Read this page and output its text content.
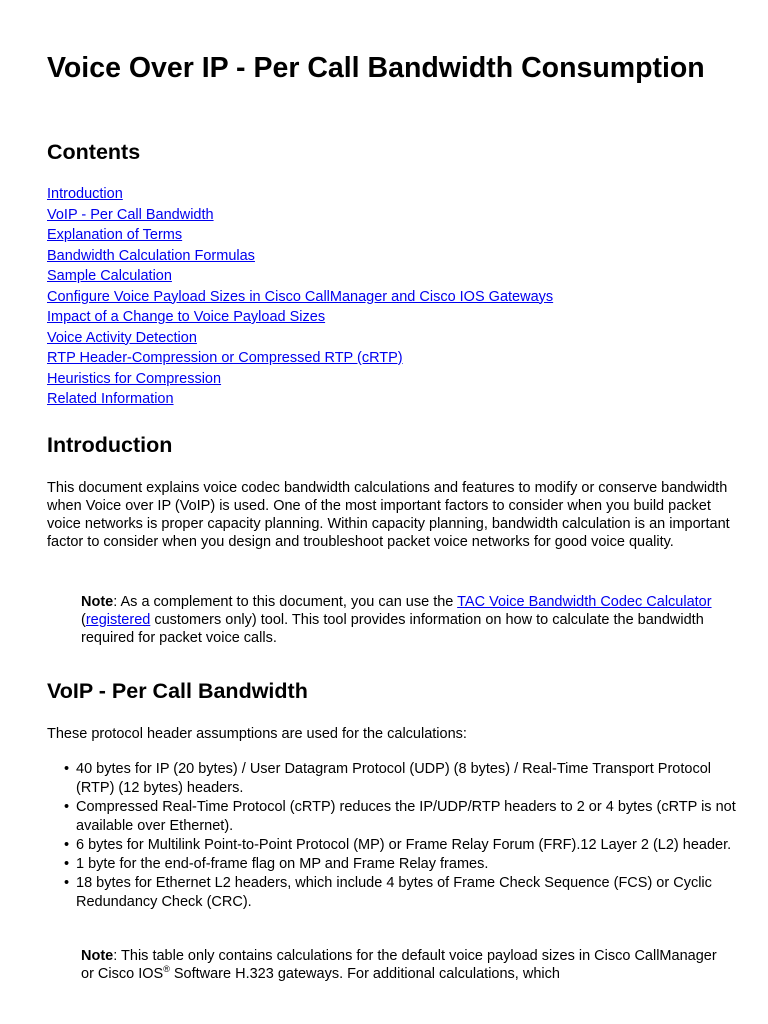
Voice Over IP - Per Call Bandwidth Consumption
Contents
Introduction
VoIP - Per Call Bandwidth
Explanation of Terms
Bandwidth Calculation Formulas
Sample Calculation
Configure Voice Payload Sizes in Cisco CallManager and Cisco IOS Gateways
Impact of a Change to Voice Payload Sizes
Voice Activity Detection
RTP Header-Compression or Compressed RTP (cRTP)
Heuristics for Compression
Related Information
Introduction

This document explains voice codec bandwidth calculations and features to modify or conserve bandwidth when Voice over IP (VoIP) is used. One of the most important factors to consider when you build packet voice networks is proper capacity planning. Within capacity planning, bandwidth calculation is an important factor to consider when you design and troubleshoot packet voice networks for good voice quality.

Note: As a complement to this document, you can use the TAC Voice Bandwidth Codec Calculator (registered customers only) tool. This tool provides information on how to calculate the bandwidth required for packet voice calls.

VoIP - Per Call Bandwidth

These protocol header assumptions are used for the calculations:

• 40 bytes for IP (20 bytes) / User Datagram Protocol (UDP) (8 bytes) / Real-Time Transport Protocol (RTP) (12 bytes) headers.
• Compressed Real-Time Protocol (cRTP) reduces the IP/UDP/RTP headers to 2 or 4 bytes (cRTP is not available over Ethernet).
• 6 bytes for Multilink Point-to-Point Protocol (MP) or Frame Relay Forum (FRF).12 Layer 2 (L2) header.
• 1 byte for the end-of-frame flag on MP and Frame Relay frames.
• 18 bytes for Ethernet L2 headers, which include 4 bytes of Frame Check Sequence (FCS) or Cyclic Redundancy Check (CRC).

Note: This table only contains calculations for the default voice payload sizes in Cisco CallManager or Cisco IOS® Software H.323 gateways. For additional calculations, which
